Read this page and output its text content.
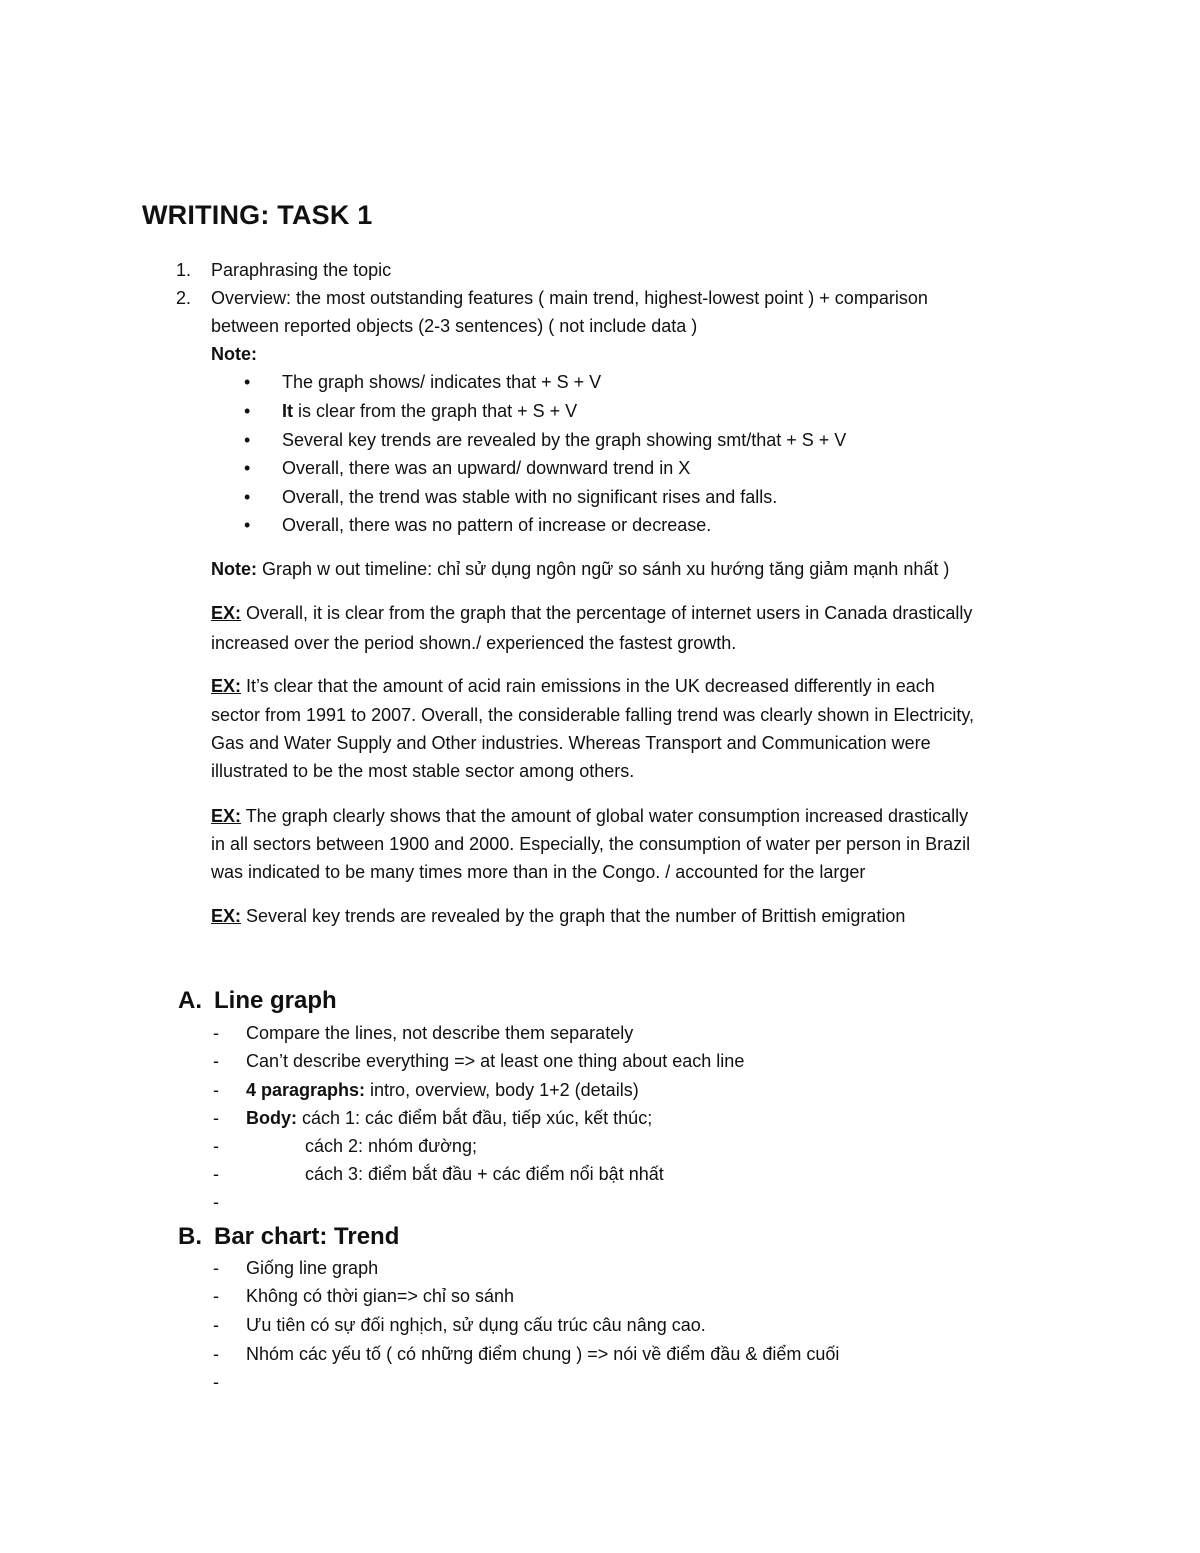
WRITING: TASK 1
1. Paraphrasing the topic
2. Overview: the most outstanding features ( main trend, highest-lowest point ) + comparison
between reported objects (2-3 sentences) ( not include data )
Note:
• The graph shows/ indicates that + S + V
• It is clear from the graph that + S + V
• Several key trends are revealed by the graph showing smt/that + S + V
• Overall, there was an upward/ downward trend in X
• Overall, the trend was stable with no significant rises and falls.
• Overall, there was no pattern of increase or decrease.
Note: Graph w out timeline: chỉ sử dụng ngôn ngữ so sánh xu hướng tăng giảm mạnh nhất )
EX: Overall, it is clear from the graph that the percentage of internet users in Canada drastically
increased over the period shown./ experienced the fastest growth.
EX: It’s clear that the amount of acid rain emissions in the UK decreased differently in each
sector from 1991 to 2007. Overall, the considerable falling trend was clearly shown in Electricity,
Gas and Water Supply and Other industries. Whereas Transport and Communication were
illustrated to be the most stable sector among others.
EX: The graph clearly shows that the amount of global water consumption increased drastically
in all sectors between 1900 and 2000. Especially, the consumption of water per person in Brazil
was indicated to be many times more than in the Congo. / accounted for the larger
EX: Several key trends are revealed by the graph that the number of Brittish emigration
A. Line graph
- Compare the lines, not describe them separately
- Can’t describe everything => at least one thing about each line
- 4 paragraphs: intro, overview, body 1+2 (details)
- Body: cách 1: các điểm bắt đầu, tiếp xúc, kết thúc;
-	cách 2: nhóm đường;
-	cách 3: điểm bắt đầu + các điểm nổi bật nhất
-
B. Bar chart: Trend
- Giống line graph
- Không có thời gian=> chỉ so sánh
- Ưu tiên có sự đối nghịch, sử dụng cấu trúc câu nâng cao.
- Nhóm các yếu tố ( có những điểm chung ) => nói về điểm đầu & điểm cuối
-
